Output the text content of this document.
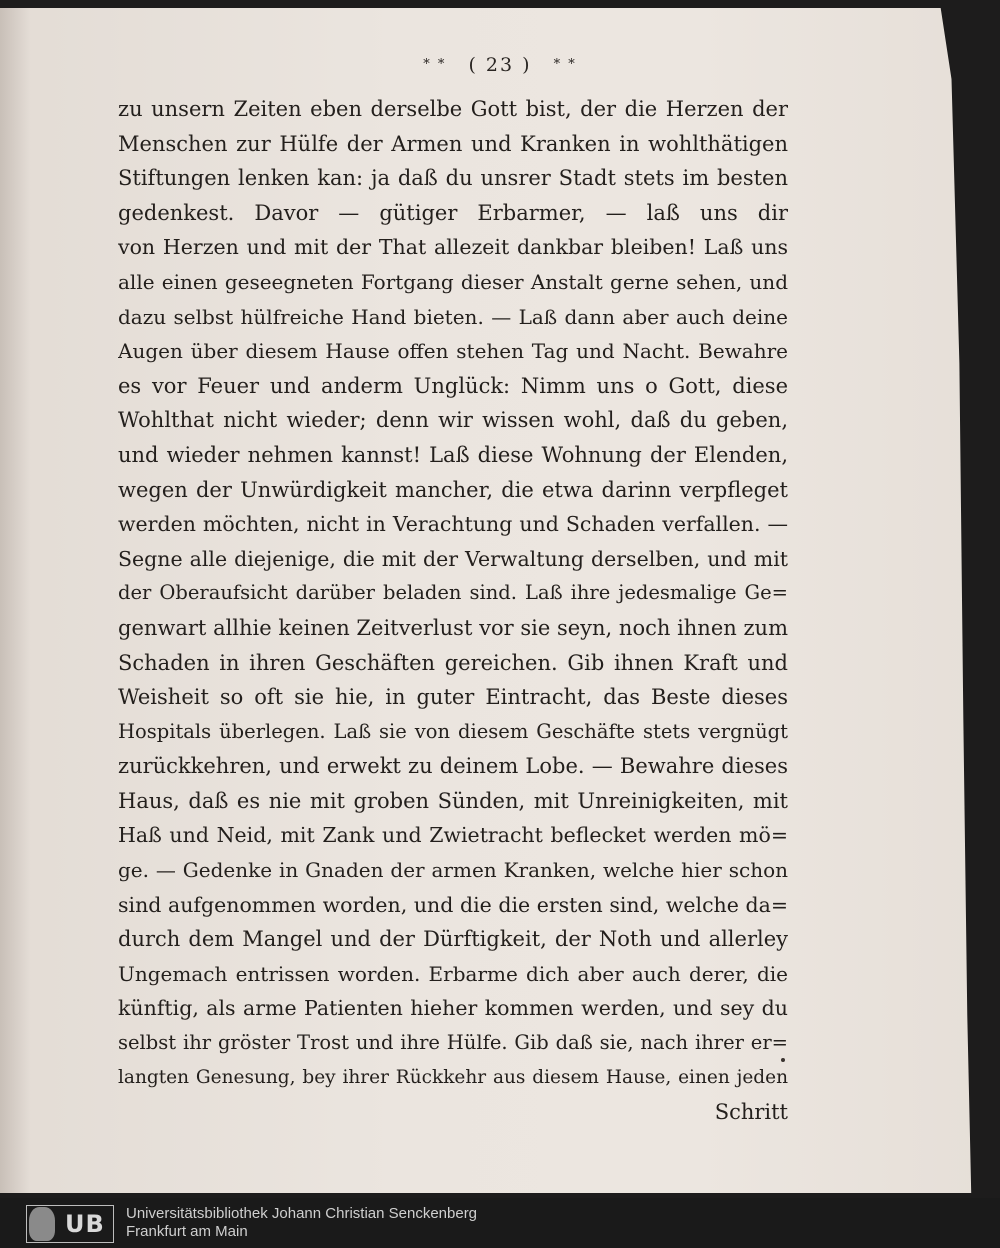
* * ( 23 ) * *
zu unsern Zeiten eben derselbe Gott bist, der die Herzen der
Menschen zur Hülfe der Armen und Kranken in wohlthätigen
Stiftungen lenken kan: ja daß du unsrer Stadt stets im besten
gedenkest. Davor — gütiger Erbarmer, — laß uns dir
von Herzen und mit der That allezeit dankbar bleiben! Laß uns
alle einen geseegneten Fortgang dieser Anstalt gerne sehen, und
dazu selbst hülfreiche Hand bieten. — Laß dann aber auch deine
Augen über diesem Hause offen stehen Tag und Nacht. Bewahre
es vor Feuer und anderm Unglück: Nimm uns o Gott, diese
Wohlthat nicht wieder; denn wir wissen wohl, daß du geben,
und wieder nehmen kannst! Laß diese Wohnung der Elenden,
wegen der Unwürdigkeit mancher, die etwa darinn verpfleget
werden möchten, nicht in Verachtung und Schaden verfallen. —
Segne alle diejenige, die mit der Verwaltung derselben, und mit
der Oberaufsicht darüber beladen sind. Laß ihre jedesmalige Ge=
genwart allhie keinen Zeitverlust vor sie seyn, noch ihnen zum
Schaden in ihren Geschäften gereichen. Gib ihnen Kraft und
Weisheit so oft sie hie, in guter Eintracht, das Beste dieses
Hospitals überlegen. Laß sie von diesem Geschäfte stets vergnügt
zurückkehren, und erwekt zu deinem Lobe. — Bewahre dieses
Haus, daß es nie mit groben Sünden, mit Unreinigkeiten, mit
Haß und Neid, mit Zank und Zwietracht beflecket werden mö=
ge. — Gedenke in Gnaden der armen Kranken, welche hier schon
sind aufgenommen worden, und die die ersten sind, welche da=
durch dem Mangel und der Dürftigkeit, der Noth und allerley
Ungemach entrissen worden. Erbarme dich aber auch derer, die
künftig, als arme Patienten hieher kommen werden, und sey du
selbst ihr gröster Trost und ihre Hülfe. Gib daß sie, nach ihrer er=
langten Genesung, bey ihrer Rückkehr aus diesem Hause, einen jeden
Schritt
UB Universitätsbibliothek Johann Christian Senckenberg
Frankfurt am Main
